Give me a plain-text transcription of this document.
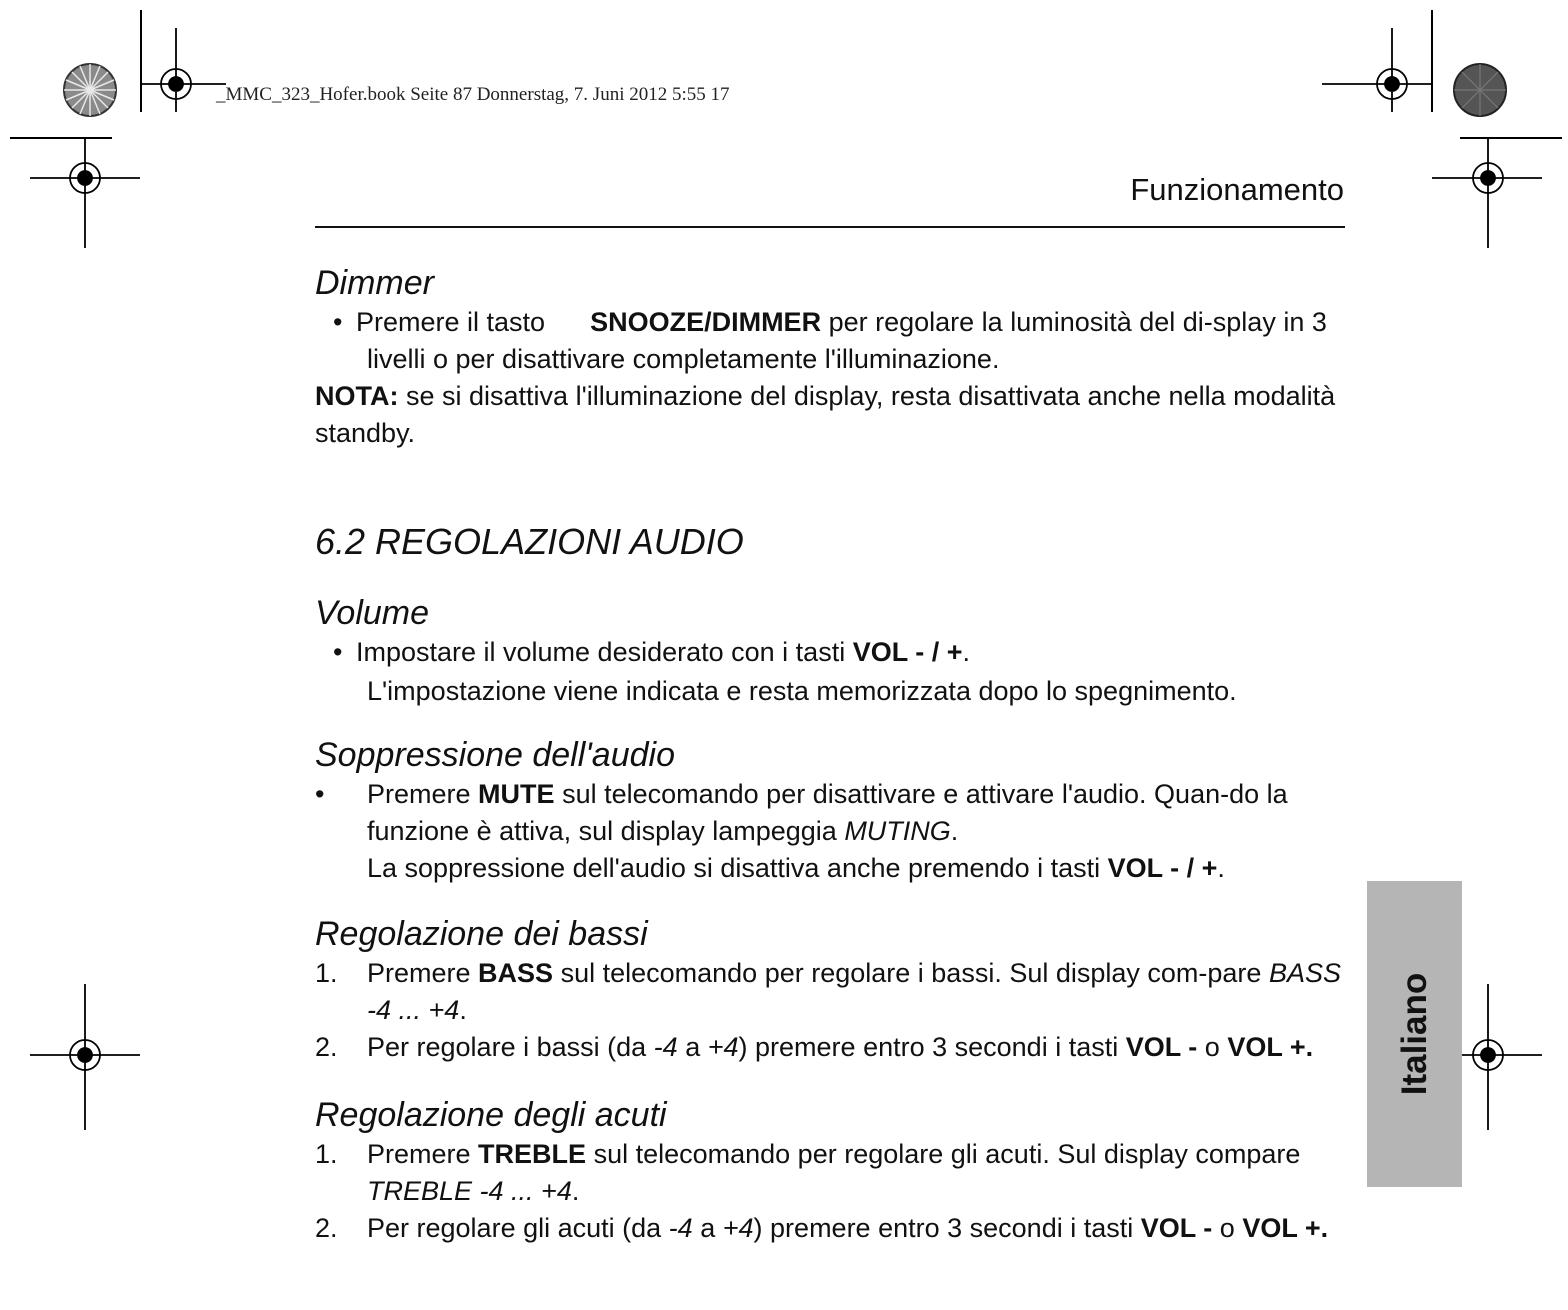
_MMC_323_Hofer.book Seite 87 Donnerstag, 7. Juni 2012 5:55 17
Funzionamento
Italiano
Dimmer

• Premere il tasto SNOOZE/DIMMER per regolare la luminosità del di-splay in 3 livelli o per disattivare completamente l'illuminazione.

NOTA: se si disattiva l'illuminazione del display, resta disattivata anche nella modalità standby.

6.2 REGOLAZIONI AUDIO
Volume

• Impostare il volume desiderato con i tasti VOL - / +.

L'impostazione viene indicata e resta memorizzata dopo lo spegnimento.

Soppressione dell'audio

• Premere MUTE sul telecomando per disattivare e attivare l'audio. Quan-do la funzione è attiva, sul display lampeggia MUTING.

La soppressione dell'audio si disattiva anche premendo i tasti VOL - / +.

Regolazione dei bassi

1. Premere BASS sul telecomando per regolare i bassi. Sul display com-pare BASS -4 ... +4.

2. Per regolare i bassi (da -4 a +4) premere entro 3 secondi i tasti VOL - o VOL +.

Regolazione degli acuti

1. Premere TREBLE sul telecomando per regolare gli acuti. Sul display compare TREBLE -4 ... +4.

2. Per regolare gli acuti (da -4 a +4) premere entro 3 secondi i tasti VOL - o VOL +.
